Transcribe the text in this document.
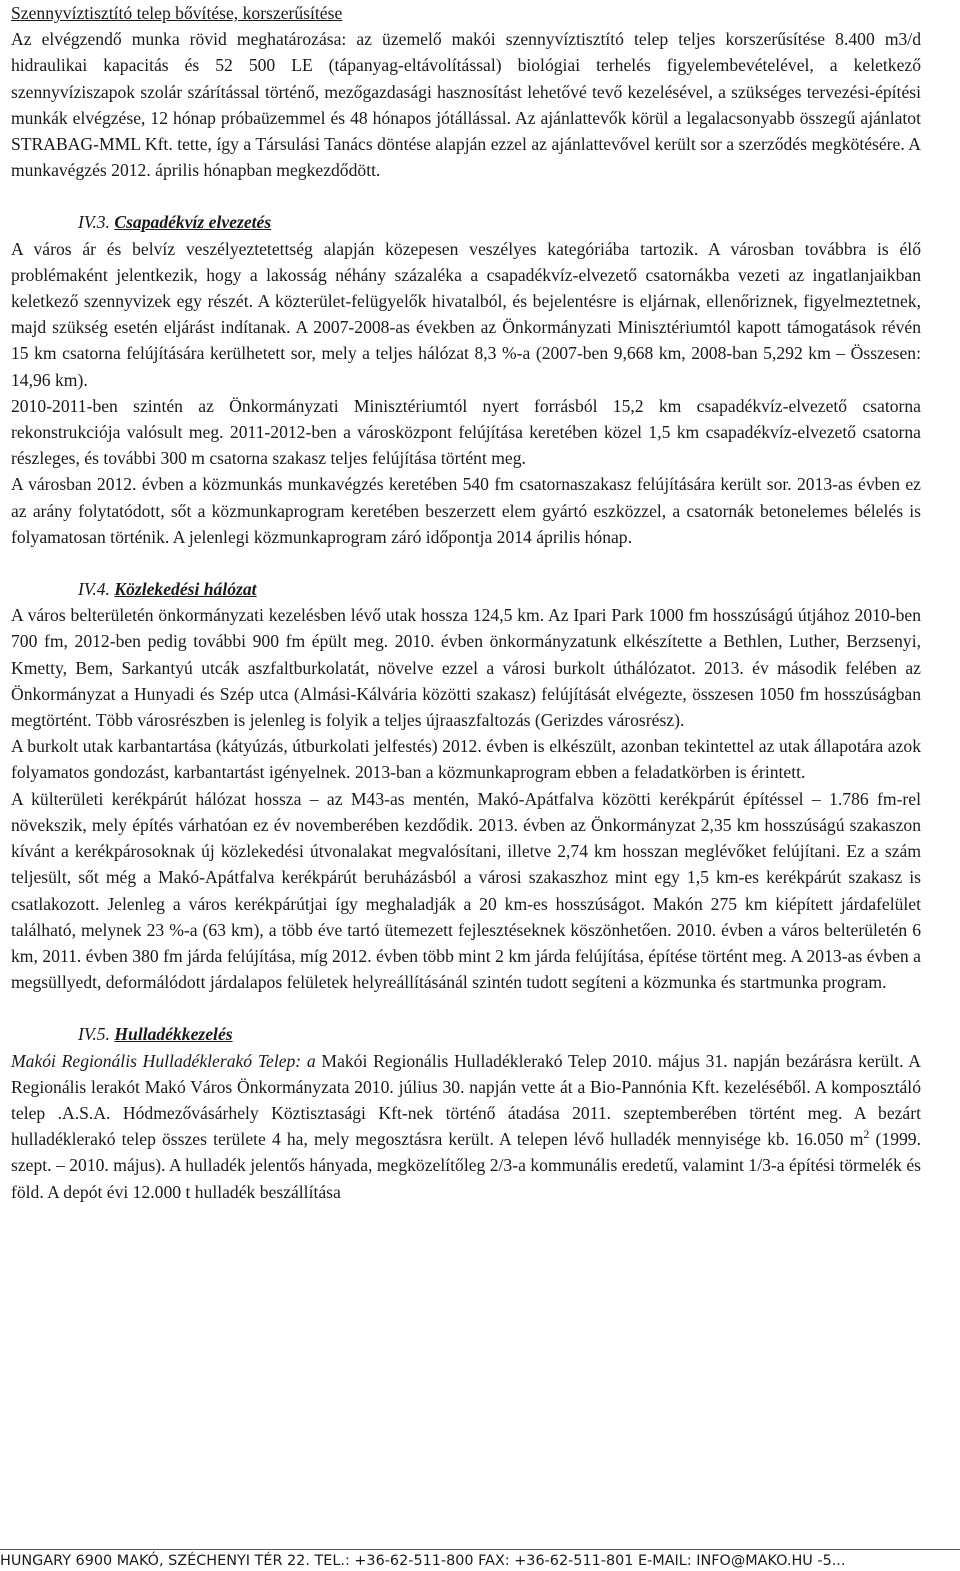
Szennyvíztisztító telep bővítése, korszerűsítése

Az elvégzendő munka rövid meghatározása: az üzemelő makói szennyvíztisztító telep teljes korszerűsítése 8.400 m3/d hidraulikai kapacitás és 52 500 LE (tápanyag-eltávolítással) biológiai terhelés figyelembevételével, a keletkező szennyvíziszapok szolár szárítással történő, mezőgazdasági hasznosítást lehetővé tevő kezelésével, a szükséges tervezési-építési munkák elvégzése, 12 hónap próbaüzemmel és 48 hónapos jótállással. Az ajánlattevők körül a legalacsonyabb összegű ajánlatot STRABAG-MML Kft. tette, így a Társulási Tanács döntése alapján ezzel az ajánlattevővel került sor a szerződés megkötésére. A munkavégzés 2012. április hónapban megkezdődött.

IV.3. Csapadékvíz elvezetés

A város ár és belvíz veszélyeztetettség alapján közepesen veszélyes kategóriába tartozik. A városban továbbra is élő problémaként jelentkezik, hogy a lakosság néhány százaléka a csapadékvíz-elvezető csatornákba vezeti az ingatlanjaikban keletkező szennyvizek egy részét. A közterület-felügyelők hivatalból, és bejelentésre is eljárnak, ellenőriznek, figyelmeztetnek, majd szükség esetén eljárást indítanak. A 2007-2008-as években az Önkormányzati Minisztériumtól kapott támogatások révén 15 km csatorna felújítására kerülhetett sor, mely a teljes hálózat 8,3 %-a (2007-ben 9,668 km, 2008-ban 5,292 km – Összesen: 14,96 km).

2010-2011-ben szintén az Önkormányzati Minisztériumtól nyert forrásból 15,2 km csapadékvíz-elvezető csatorna rekonstrukciója valósult meg. 2011-2012-ben a városközpont felújítása keretében közel 1,5 km csapadékvíz-elvezető csatorna részleges, és további 300 m csatorna szakasz teljes felújítása történt meg.

A városban 2012. évben a közmunkás munkavégzés keretében 540 fm csatornaszakasz felújítására került sor. 2013-as évben ez az arány folytatódott, sőt a közmunkaprogram keretében beszerzett elem gyártó eszközzel, a csatornák betonelemes bélelés is folyamatosan történik. A jelenlegi közmunkaprogram záró időpontja 2014 április hónap.

IV.4. Közlekedési hálózat

A város belterületén önkormányzati kezelésben lévő utak hossza 124,5 km. Az Ipari Park 1000 fm hosszúságú útjához 2010-ben 700 fm, 2012-ben pedig további 900 fm épült meg. 2010. évben önkormányzatunk elkészítette a Bethlen, Luther, Berzsenyi, Kmetty, Bem, Sarkantyú utcák aszfaltburkolatát, növelve ezzel a városi burkolt úthálózatot. 2013. év második felében az Önkormányzat a Hunyadi és Szép utca (Almási-Kálvária közötti szakasz) felújítását elvégezte, összesen 1050 fm hosszúságban megtörtént. Több városrészben is jelenleg is folyik a teljes újraaszfaltozás (Gerizdes városrész).

A burkolt utak karbantartása (kátyúzás, útburkolati jelfestés) 2012. évben is elkészült, azonban tekintettel az utak állapotára azok folyamatos gondozást, karbantartást igényelnek. 2013-ban a közmunkaprogram ebben a feladatkörben is érintett.

A külterületi kerékpárút hálózat hossza – az M43-as mentén, Makó-Apátfalva közötti kerékpárút építéssel – 1.786 fm-rel növekszik, mely építés várhatóan ez év novemberében kezdődik. 2013. évben az Önkormányzat 2,35 km hosszúságú szakaszon kívánt a kerékpárosoknak új közlekedési útvonalakat megvalósítani, illetve 2,74 km hosszan meglévőket felújítani. Ez a szám teljesült, sőt még a Makó-Apátfalva kerékpárút beruházásból a városi szakaszhoz mint egy 1,5 km-es kerékpárút szakasz is csatlakozott. Jelenleg a város kerékpárútjai így meghaladják a 20 km-es hosszúságot. Makón 275 km kiépített járdafelület található, melynek 23 %-a (63 km), a több éve tartó ütemezett fejlesztéseknek köszönhetően. 2010. évben a város belterületén 6 km, 2011. évben 380 fm járda felújítása, míg 2012. évben több mint 2 km járda felújítása, építése történt meg. A 2013-as évben a megsüllyedt, deformálódott járdalapos felületek helyreállításánál szintén tudott segíteni a közmunka és startmunka program.

IV.5. Hulladékkezelés

Makói Regionális Hulladéklerakó Telep: a Makói Regionális Hulladéklerakó Telep 2010. május 31. napján bezárásra került. A Regionális lerakót Makó Város Önkormányzata 2010. július 30. napján vette át a Bio-Pannónia Kft. kezeléséből. A komposztáló telep .A.S.A. Hódmezővásárhely Köztisztasági Kft-nek történő átadása 2011. szeptemberében történt meg. A bezárt hulladéklerakó telep összes területe 4 ha, mely megosztásra került. A telepen lévő hulladék mennyisége kb. 16.050 $m^2$ (1999. szept. – 2010. május). A hulladék jelentős hányada, megközelítőleg 2/3-a kommunális eredetű, valamint 1/3-a építési törmelék és föld. A depót évi 12.000 t hulladék beszállítása

HUNGARY 6900 MAKÓ, SZÉCHENYI TÉR 22. TEL.: +36-62-511-800 FAX: +36-62-511-801 E-MAIL: INFO@MAKO.HU -5...
